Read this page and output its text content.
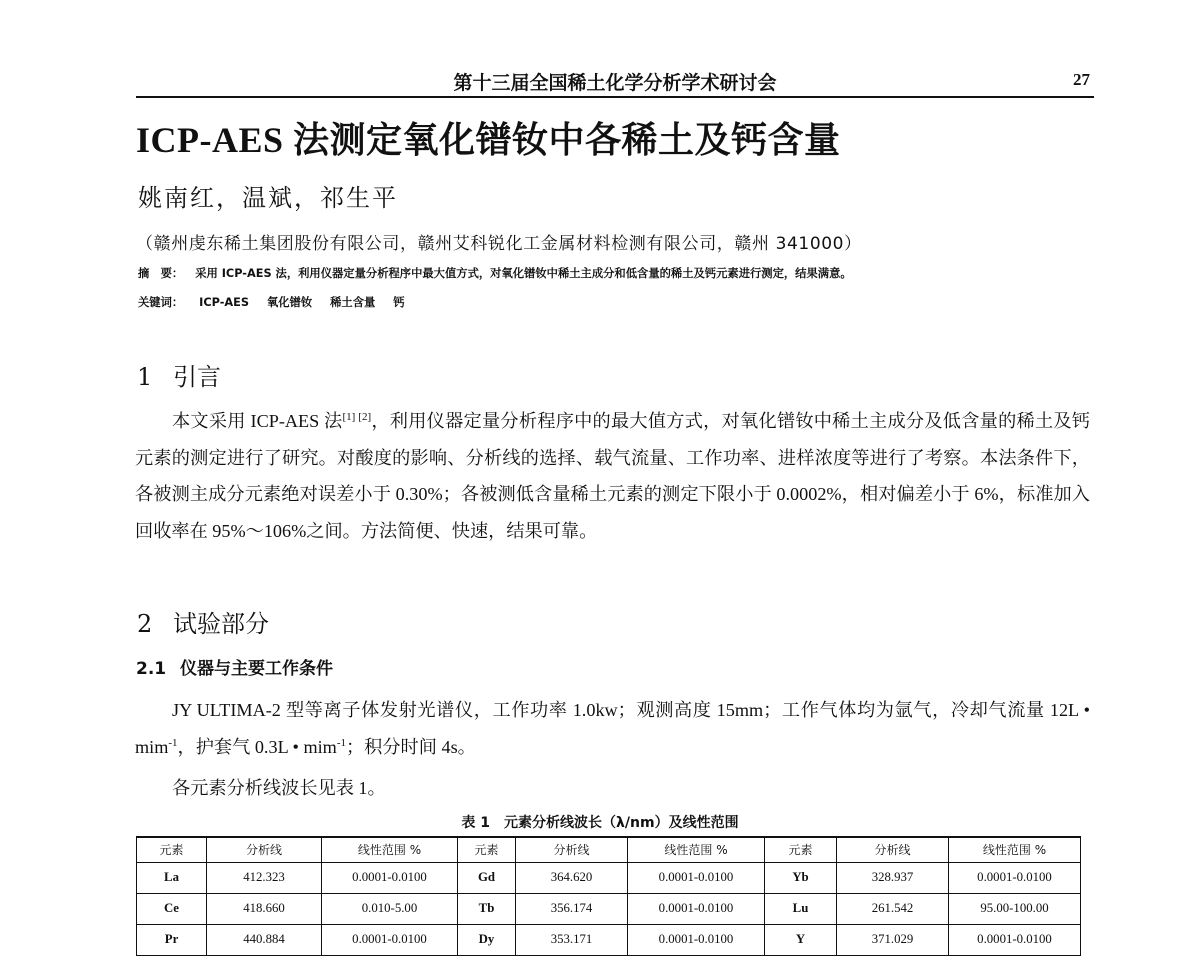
第十三届全国稀土化学分析学术研讨会	27
ICP-AES 法测定氧化镨钕中各稀土及钙含量
姚南红，温斌，祁生平
（赣州虔东稀土集团股份有限公司，赣州艾科锐化工金属材料检测有限公司，赣州 341000）
摘　要： 采用 ICP-AES 法，利用仪器定量分析程序中最大值方式，对氧化镨钕中稀土主成分和低含量的稀土及钙元素进行测定，结果满意。
关键词： ICP-AES 氧化镨钕 稀土含量 钙
1 引言

本文采用 ICP-AES 法[1] [2]，利用仪器定量分析程序中的最大值方式，对氧化镨钕中稀土主成分及低含量的稀土及钙元素的测定进行了研究。对酸度的影响、分析线的选择、载气流量、工作功率、进样浓度等进行了考察。本法条件下，各被测主成分元素绝对误差小于 0.30%；各被测低含量稀土元素的测定下限小于 0.0002%，相对偏差小于 6%，标准加入回收率在 95%～106%之间。方法简便、快速，结果可靠。

2 试验部分
2.1 仪器与主要工作条件

JY ULTIMA-2 型等离子体发射光谱仪，工作功率 1.0kw；观测高度 15mm；工作气体均为氩气，冷却气流量 12L • mim$^{-1}$，护套气 0.3L • mim$^{-1}$；积分时间 4s。

各元素分析线波长见表 1。

表 1 元素分析线波长（λ/nm）及线性范围
元素	分析线	线性范围 %	元素	分析线	线性范围 %	元素	分析线	线性范围 %
La	412.323	0.0001-0.0100	Gd	364.620	0.0001-0.0100	Yb	328.937	0.0001-0.0100
Ce	418.660	0.010-5.00	Tb	356.174	0.0001-0.0100	Lu	261.542	95.00-100.00
Pr	440.884	0.0001-0.0100	Dy	353.171	0.0001-0.0100	Y	371.029	0.0001-0.0100
